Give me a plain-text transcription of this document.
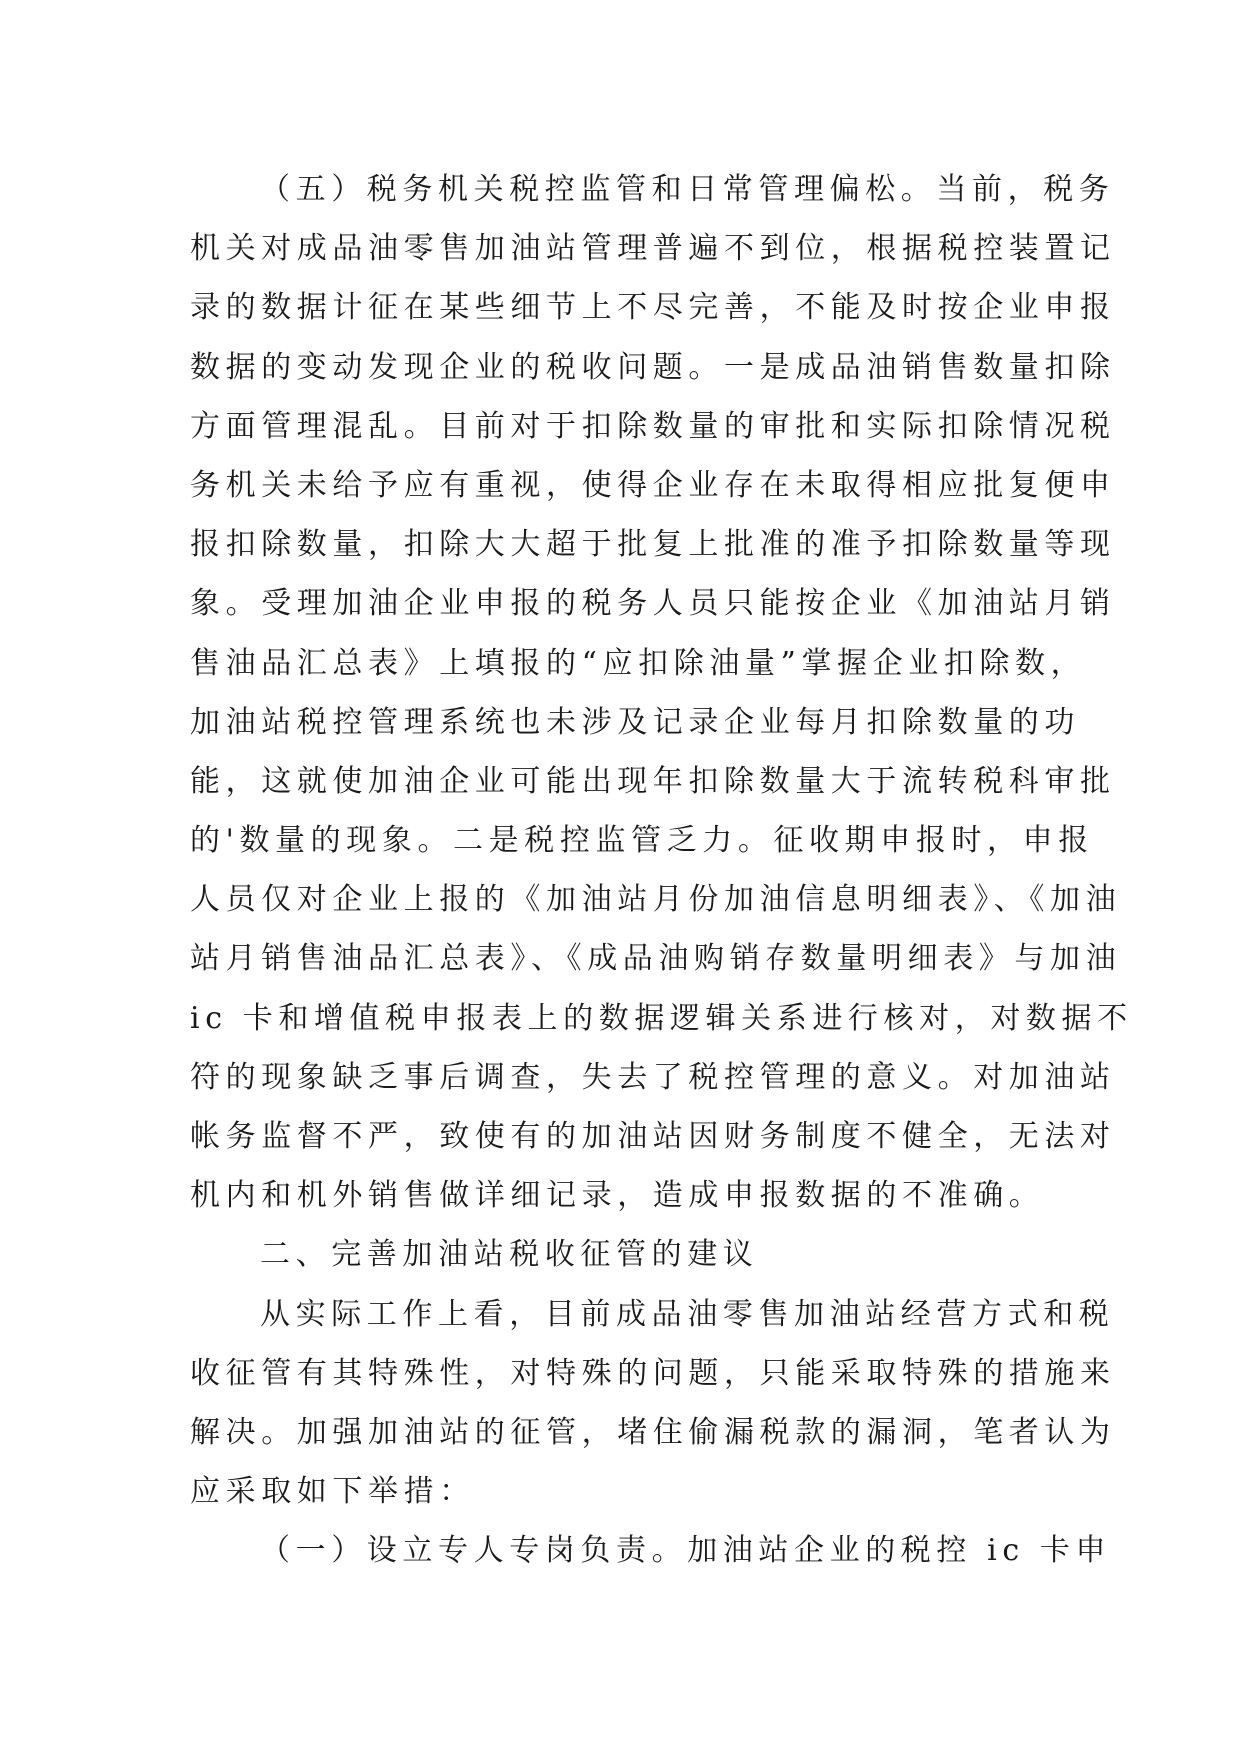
（五）税务机关税控监管和日常管理偏松。当前，税务
机关对成品油零售加油站管理普遍不到位，根据税控装置记
录的数据计征在某些细节上不尽完善，不能及时按企业申报
数据的变动发现企业的税收问题。一是成品油销售数量扣除
方面管理混乱。目前对于扣除数量的审批和实际扣除情况税
务机关未给予应有重视，使得企业存在未取得相应批复便申
报扣除数量，扣除大大超于批复上批准的准予扣除数量等现
象。受理加油企业申报的税务人员只能按企业《加油站月销
售油品汇总表》上填报的“应扣除油量”掌握企业扣除数，
加油站税控管理系统也未涉及记录企业每月扣除数量的功
能，这就使加油企业可能出现年扣除数量大于流转税科审批
的'数量的现象。二是税控监管乏力。征收期申报时，申报
人员仅对企业上报的《加油站月份加油信息明细表》、《加油
站月销售油品汇总表》、《成品油购销存数量明细表》与加油
ic 卡和增值税申报表上的数据逻辑关系进行核对，对数据不
符的现象缺乏事后调查，失去了税控管理的意义。对加油站
帐务监督不严，致使有的加油站因财务制度不健全，无法对
机内和机外销售做详细记录，造成申报数据的不准确。
二、完善加油站税收征管的建议
从实际工作上看，目前成品油零售加油站经营方式和税
收征管有其特殊性，对特殊的问题，只能采取特殊的措施来
解决。加强加油站的征管，堵住偷漏税款的漏洞，笔者认为
应采取如下举措：
（一）设立专人专岗负责。加油站企业的税控 ic 卡申
